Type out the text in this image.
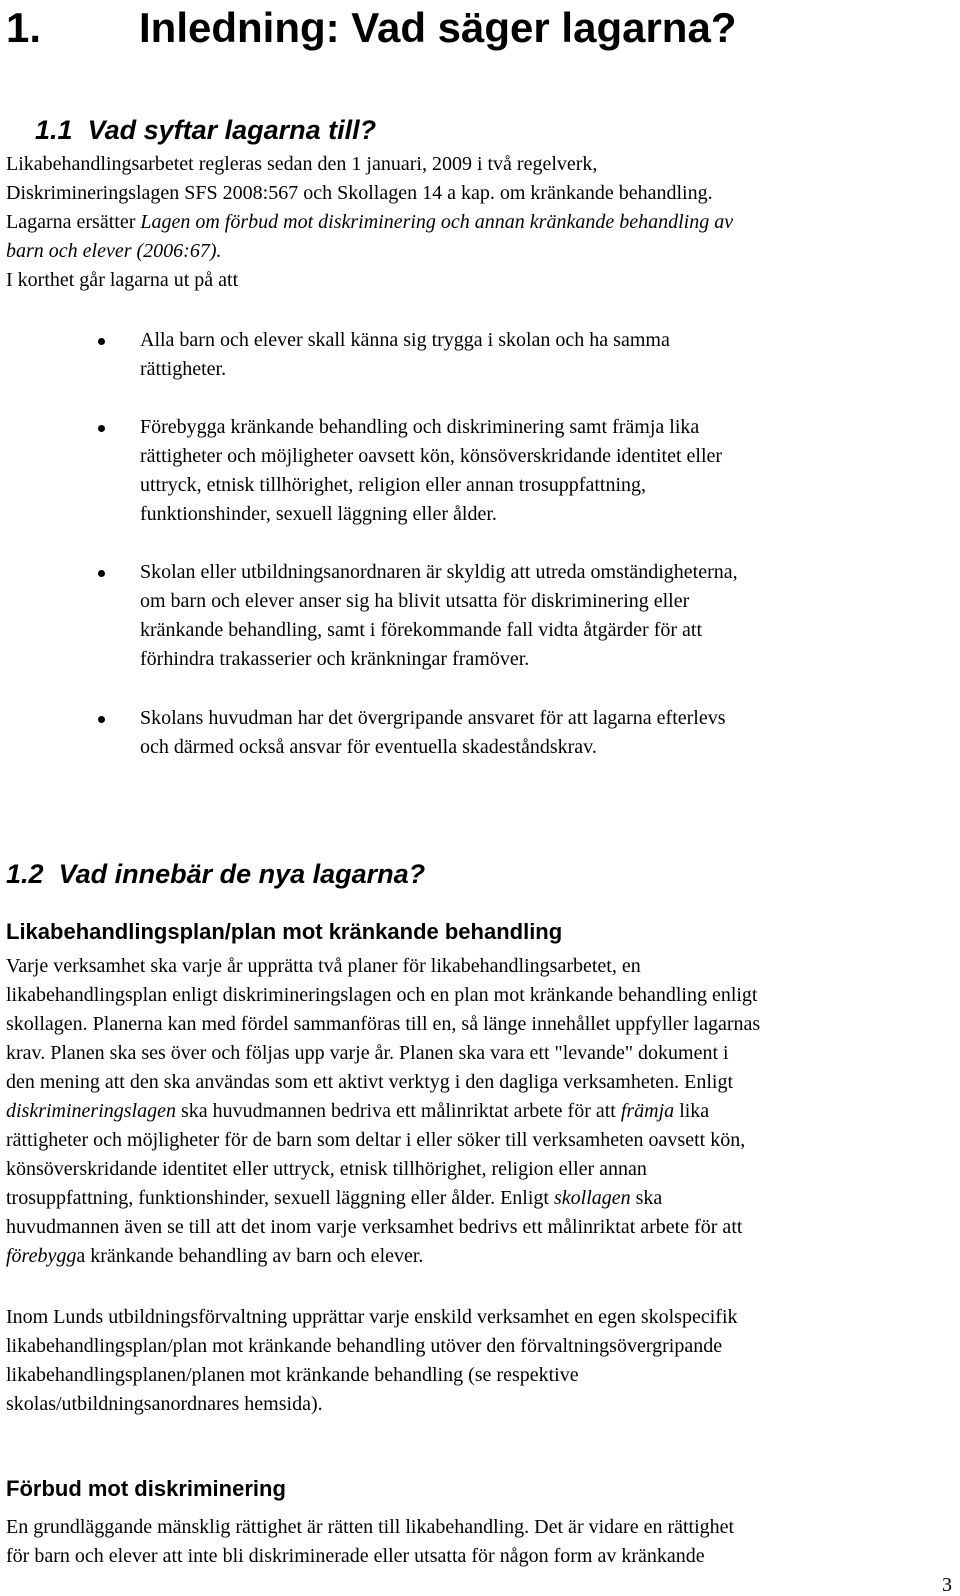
1. Inledning: Vad säger lagarna?
1.1 Vad syftar lagarna till?
Likabehandlingsarbetet regleras sedan den 1 januari, 2009 i två regelverk,
Diskrimineringslagen SFS 2008:567 och Skollagen 14 a kap. om kränkande behandling.
Lagarna ersätter Lagen om förbud mot diskriminering och annan kränkande behandling av
barn och elever (2006:67).
I korthet går lagarna ut på att
Alla barn och elever skall känna sig trygga i skolan och ha samma
rättigheter.
Förebygga kränkande behandling och diskriminering samt främja lika
rättigheter och möjligheter oavsett kön, könsöverskridande identitet eller
uttryck, etnisk tillhörighet, religion eller annan trosuppfattning,
funktionshinder, sexuell läggning eller ålder.
Skolan eller utbildningsanordnaren är skyldig att utreda omständigheterna,
om barn och elever anser sig ha blivit utsatta för diskriminering eller
kränkande behandling, samt i förekommande fall vidta åtgärder för att
förhindra trakasserier och kränkningar framöver.
Skolans huvudman har det övergripande ansvaret för att lagarna efterlevs
och därmed också ansvar för eventuella skadeståndskrav.
1.2 Vad innebär de nya lagarna?
Likabehandlingsplan/plan mot kränkande behandling
Varje verksamhet ska varje år upprätta två planer för likabehandlingsarbetet, en
likabehandlingsplan enligt diskrimineringslagen och en plan mot kränkande behandling enligt
skollagen. Planerna kan med fördel sammanföras till en, så länge innehållet uppfyller lagarnas
krav. Planen ska ses över och följas upp varje år. Planen ska vara ett "levande" dokument i
den mening att den ska användas som ett aktivt verktyg i den dagliga verksamheten. Enligt
diskrimineringslagen ska huvudmannen bedriva ett målinriktat arbete för att främja lika
rättigheter och möjligheter för de barn som deltar i eller söker till verksamheten oavsett kön,
könsöverskridande identitet eller uttryck, etnisk tillhörighet, religion eller annan
trosuppfattning, funktionshinder, sexuell läggning eller ålder. Enligt skollagen ska
huvudmannen även se till att det inom varje verksamhet bedrivs ett målinriktat arbete för att
förebygga kränkande behandling av barn och elever.
Inom Lunds utbildningsförvaltning upprättar varje enskild verksamhet en egen skolspecifik
likabehandlingsplan/plan mot kränkande behandling utöver den förvaltningsövergripande
likabehandlingsplanen/planen mot kränkande behandling (se respektive
skolas/utbildningsanordnares hemsida).
Förbud mot diskriminering
En grundläggande mänsklig rättighet är rätten till likabehandling. Det är vidare en rättighet
för barn och elever att inte bli diskriminerade eller utsatta för någon form av kränkande
3
